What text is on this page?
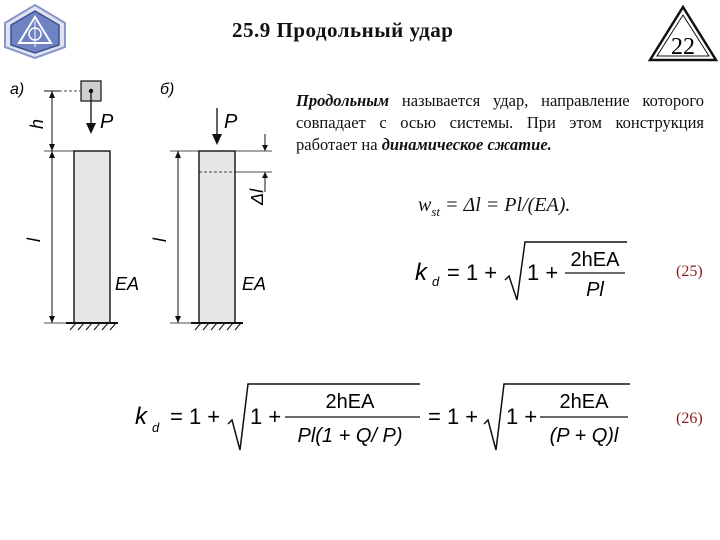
25.9 Продольный удар
22
а)
P
h
l
EA
б)
P
l
Δl
EA
Продольным называется удар, направление которого совпадает с осью системы. При этом конструкция работает на динамическое сжатие.
$w_{st} = \Delta l = Pl/(EA)$.
k d = 1 + 1 + 2hEA
Pl
(25)
k d = 1 + 1 +
2hEA
Pl(1 + Q/ P)
= 1 + 1 +
2hEA
(P + Q)l
(26)
